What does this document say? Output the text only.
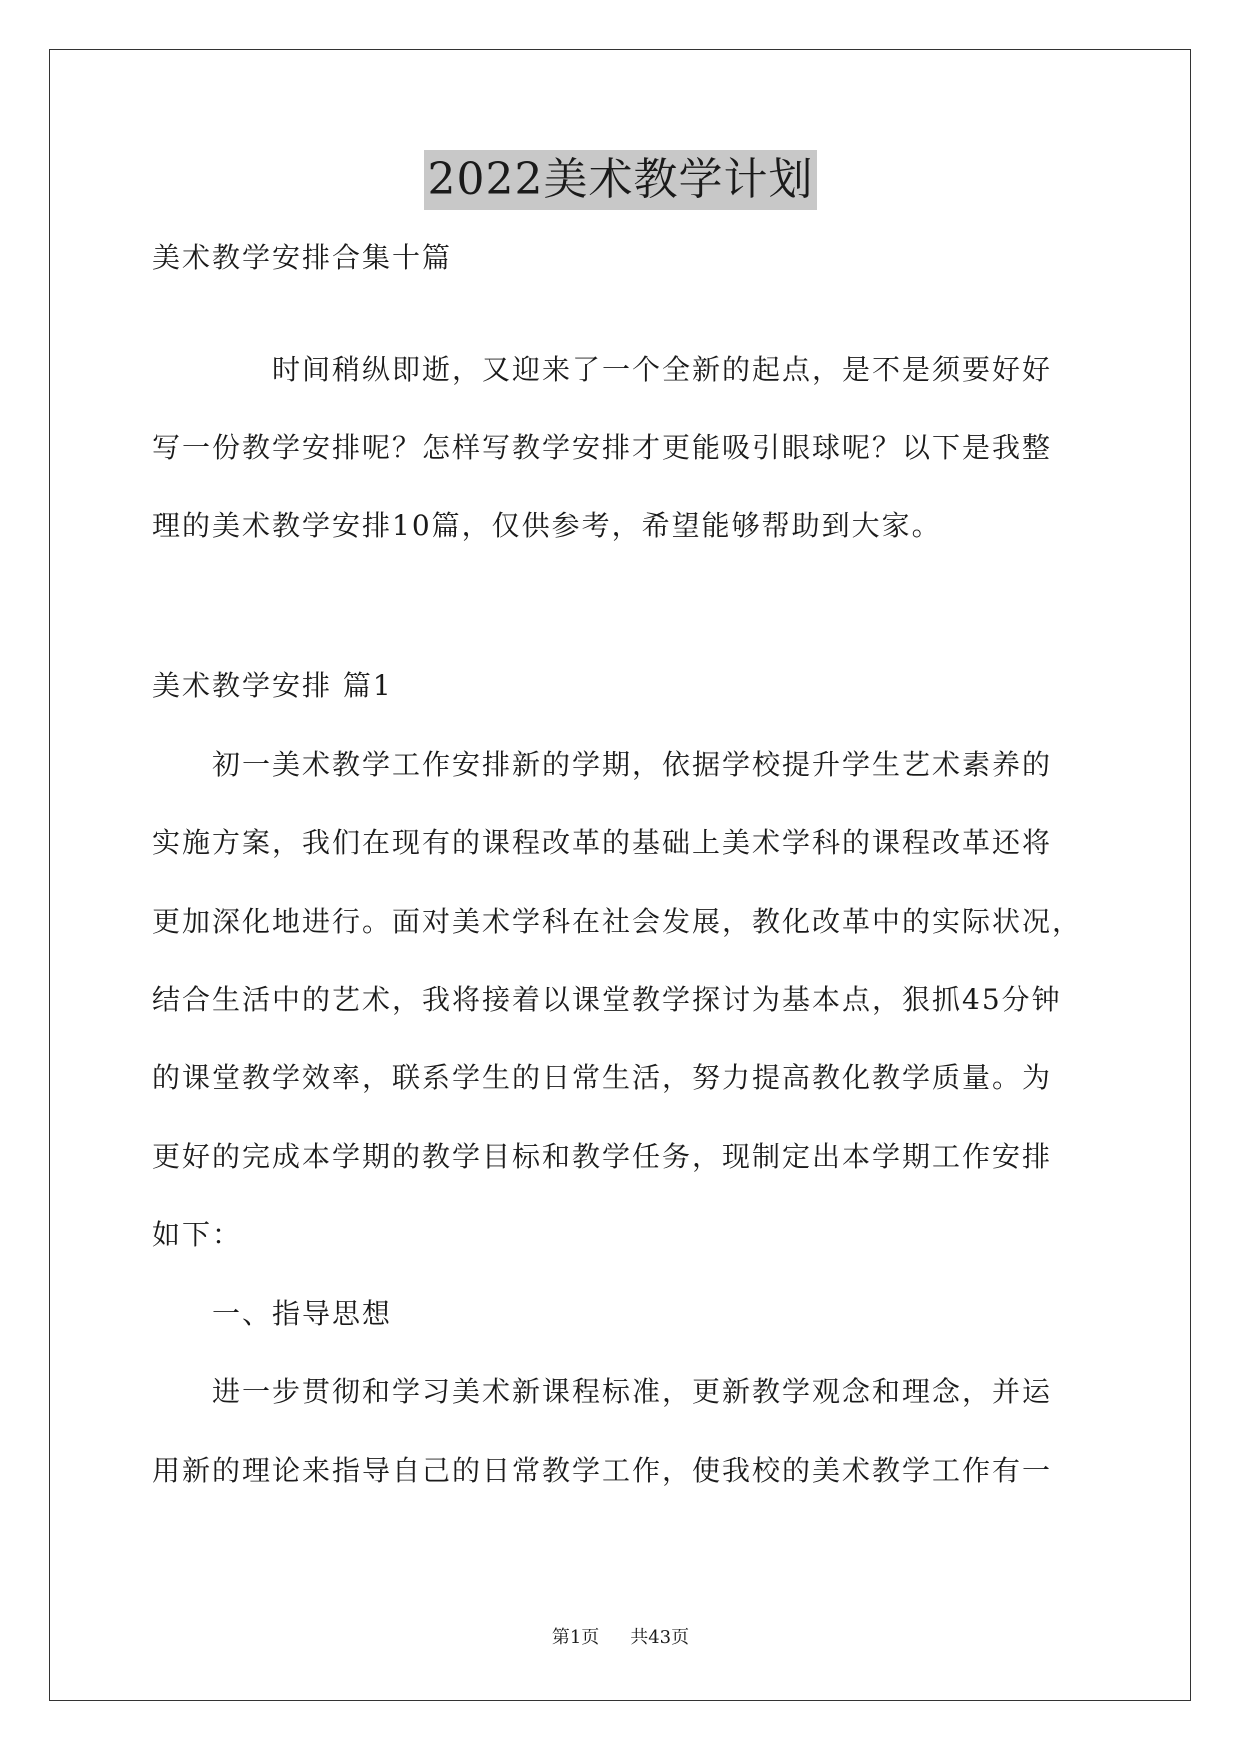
2022美术教学计划
美术教学安排合集十篇
　　　　时间稍纵即逝，又迎来了一个全新的起点，是不是须要好好
写一份教学安排呢？怎样写教学安排才更能吸引眼球呢？以下是我整
理的美术教学安排10篇，仅供参考，希望能够帮助到大家。
美术教学安排 篇1
　　初一美术教学工作安排新的学期，依据学校提升学生艺术素养的
实施方案，我们在现有的课程改革的基础上美术学科的课程改革还将
更加深化地进行。面对美术学科在社会发展，教化改革中的实际状况，
结合生活中的艺术，我将接着以课堂教学探讨为基本点，狠抓45分钟
的课堂教学效率，联系学生的日常生活，努力提高教化教学质量。为
更好的完成本学期的教学目标和教学任务，现制定出本学期工作安排
如下：
　　一、指导思想
　　进一步贯彻和学习美术新课程标准，更新教学观念和理念，并运
用新的理论来指导自己的日常教学工作，使我校的美术教学工作有一
第1页 共43页
